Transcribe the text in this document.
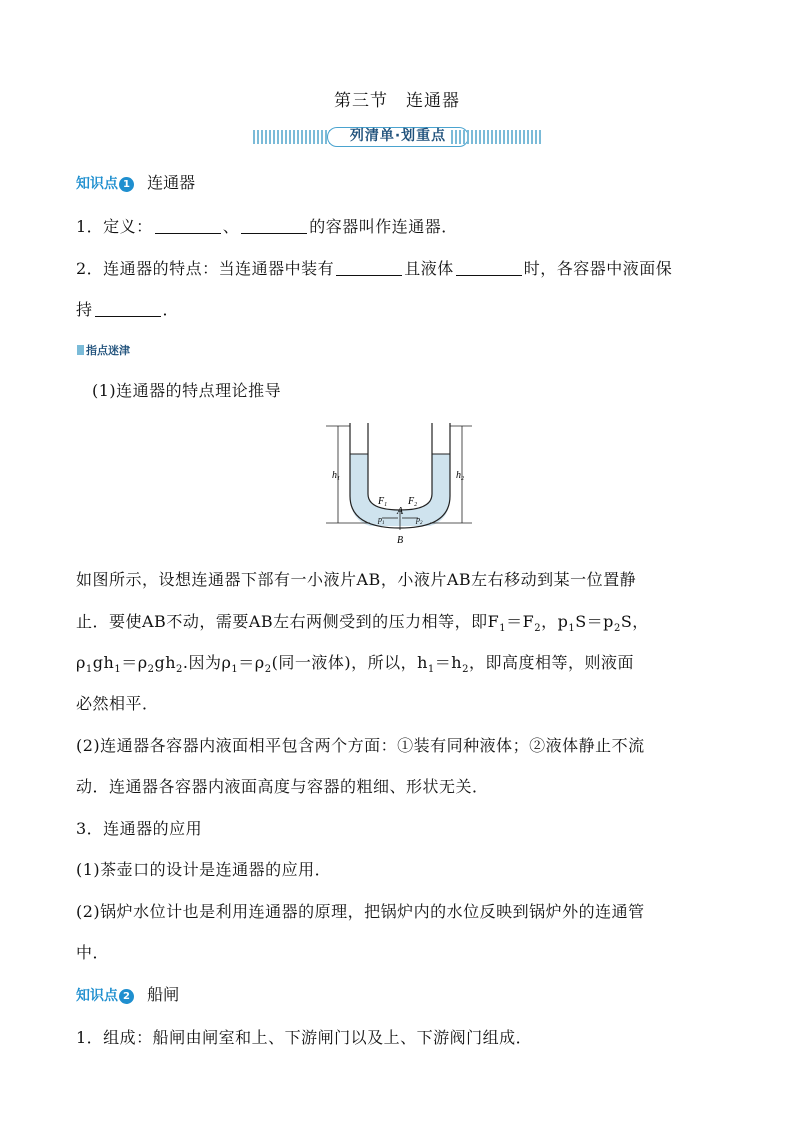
第三节　连通器
列清单·划重点
知识点 1 连通器
1．定义：	、	的容器叫作连通器．
2．连通器的特点：当连通器中装有	且液体	时，各容器中液面保
持	．
指点迷津
(1)连通器的特点理论推导
$h_1$	$h_2$
$F_1$ $F_2$
A
$p_1$	$p_2$
B
如图所示，设想连通器下部有一小液片AB，小液片AB左右移动到某一位置静
止．要使AB不动，需要AB左右两侧受到的压力相等，即$F_1=F_2$，$p_1S=p_2S$，
$\rho_1gh_1=\rho_2gh_2$.因为$\rho_1=\rho_2$(同一液体)，所以，$h_1=h_2$，即高度相等，则液面
必然相平．
(2)连通器各容器内液面相平包含两个方面：①装有同种液体；②液体静止不流
动．连通器各容器内液面高度与容器的粗细、形状无关．
3．连通器的应用
(1)茶壶口的设计是连通器的应用．
(2)锅炉水位计也是利用连通器的原理，把锅炉内的水位反映到锅炉外的连通管
中．
知识点 2 船闸
1．组成：船闸由闸室和上、下游闸门以及上、下游阀门组成．
